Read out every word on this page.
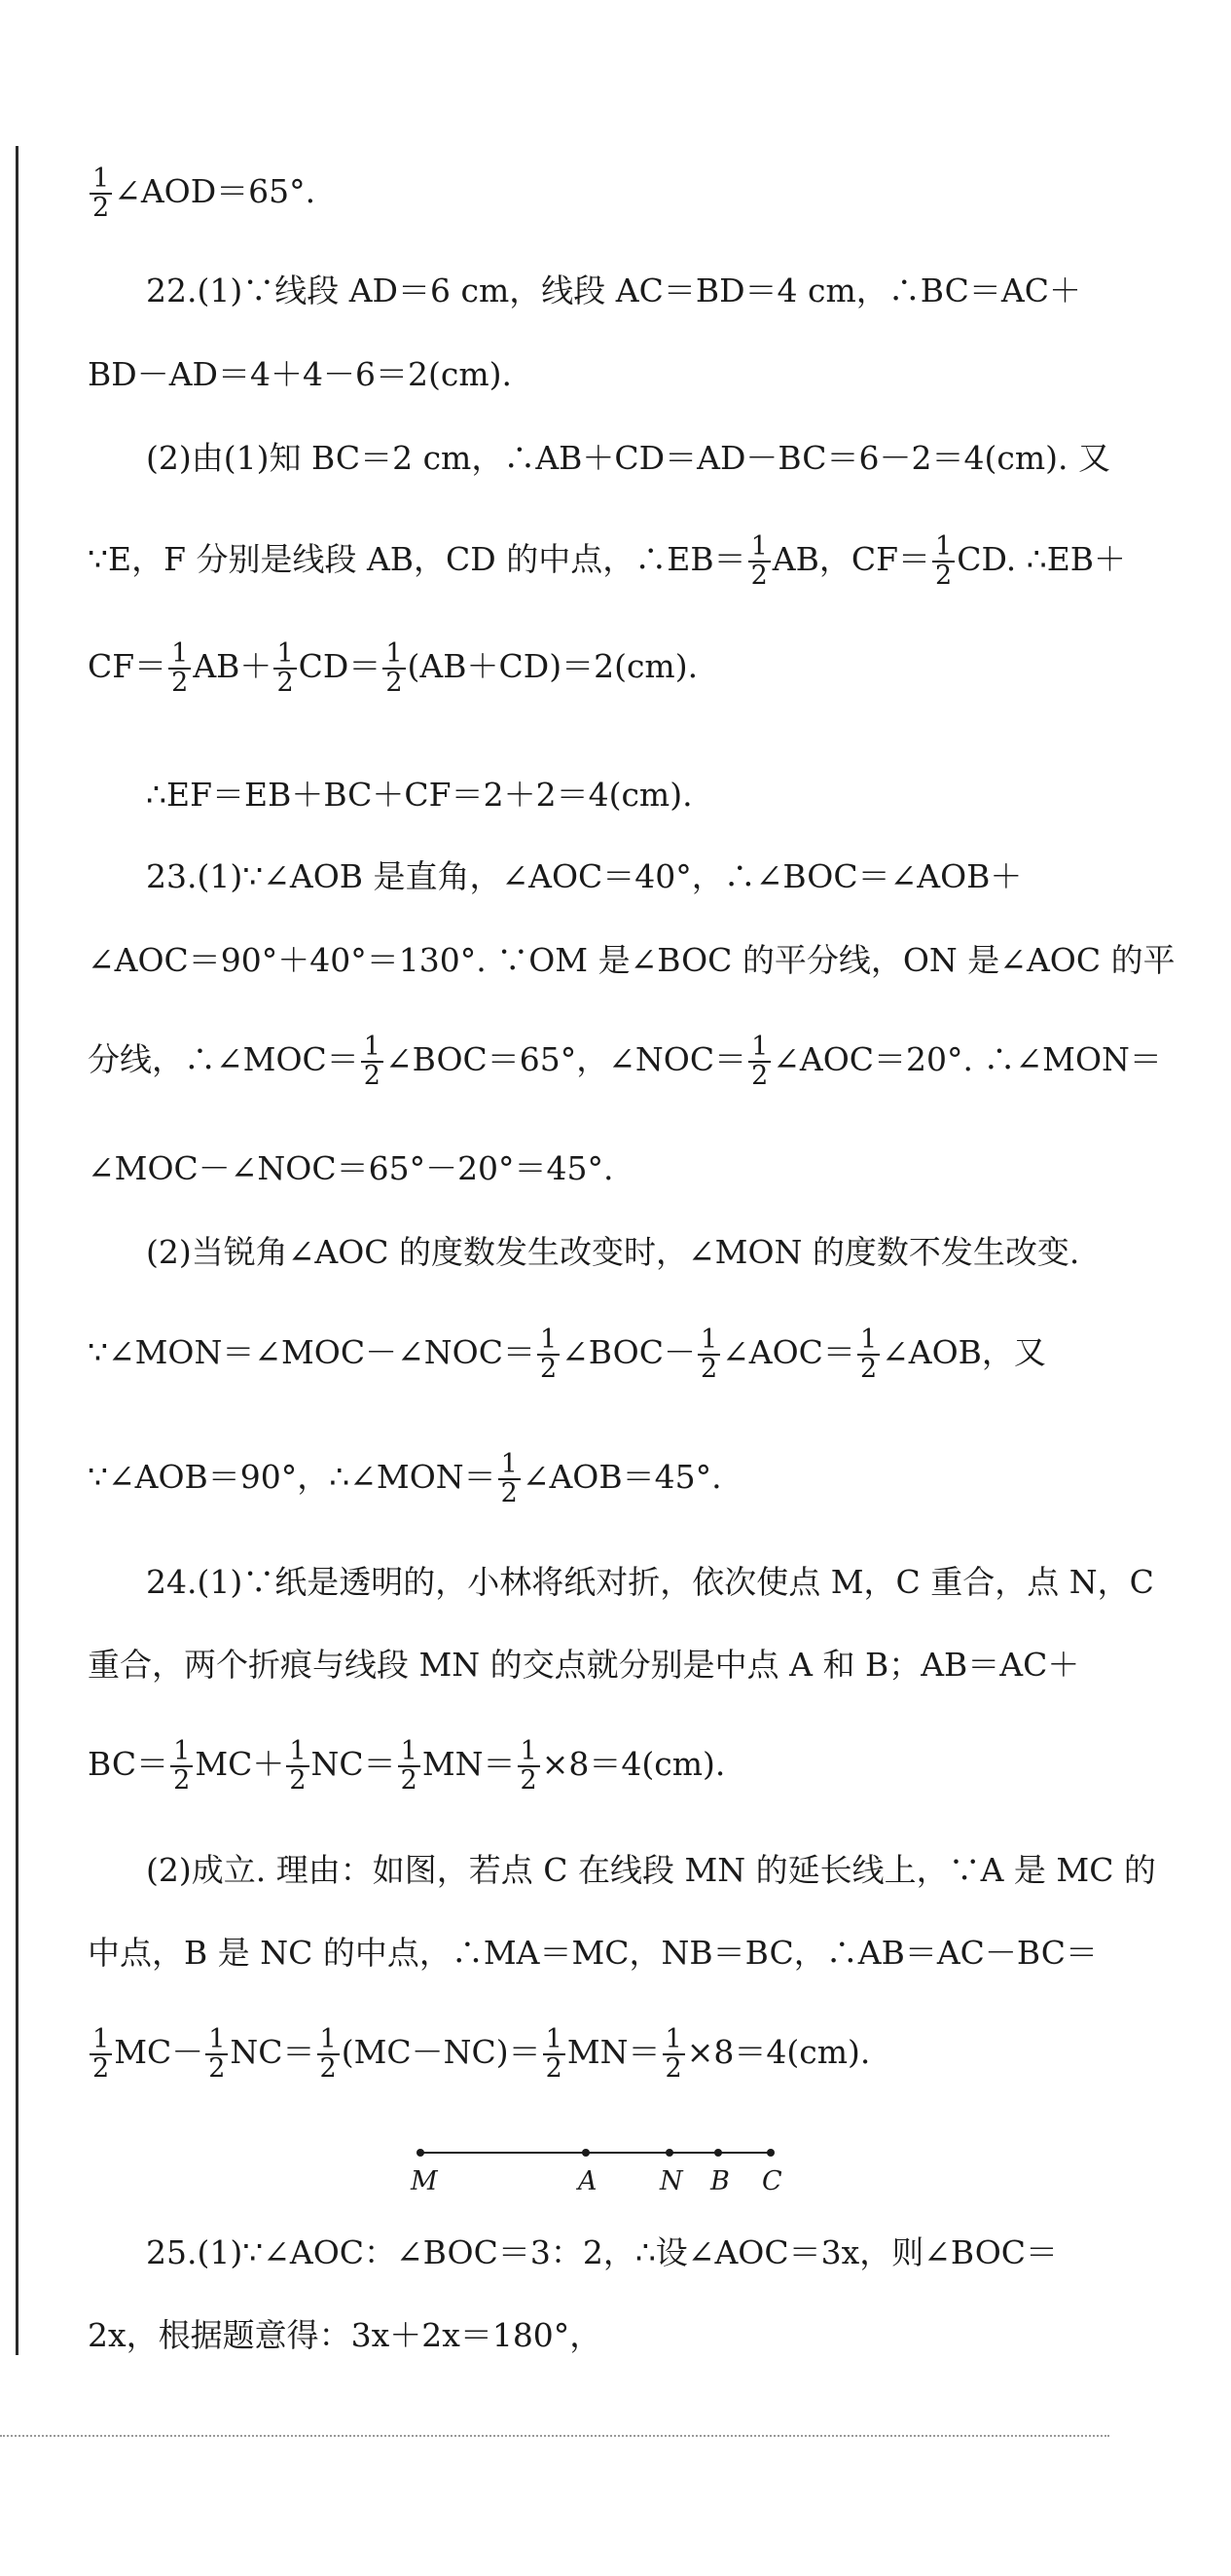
$\frac{1}{2}$ ∠AOD＝65°.
22.(1)∵线段 AD＝6 cm，线段 AC＝BD＝4 cm，∴BC＝AC＋
BD－AD＝4＋4－6＝2(cm).
(2)由(1)知 BC＝2 cm，∴AB＋CD＝AD－BC＝6－2＝4(cm). 又
∵E，F 分别是线段 AB，CD 的中点，∴EB＝ $\frac{1}{2}$ AB，$CF= \frac{1}{2}$ CD. ∴EB＋
$CF= \frac{1}{2} AB+ \frac{1}{2} CD= \frac{1}{2} (AB+CD)=2(cm)$.
∴EF＝EB＋BC＋CF＝2＋2＝4(cm).
23.(1)∵∠AOB 是直角，∠AOC＝40°，∴∠BOC＝∠AOB＋
∠AOC＝90°＋40°＝130°. ∵OM 是∠BOC 的平分线，ON 是∠AOC 的平
分线，∴∠MOC＝ $\frac{1}{2}$ ∠BOC＝65°，∠NOC＝ $\frac{1}{2}$ ∠AOC＝20°. ∴∠MON＝
∠MOC－∠NOC＝65°－20°＝45°.
(2)当锐角∠AOC 的度数发生改变时，∠MON 的度数不发生改变.
∵∠MON＝∠MOC－∠NOC＝ $\frac{1}{2}$ ∠BOC－ $\frac{1}{2}$ ∠AOC＝ $\frac{1}{2}$ ∠AOB，又
∵∠AOB＝90°，∴∠MON＝ $\frac{1}{2}$ ∠AOB＝45°.
24.(1)∵纸是透明的，小林将纸对折，依次使点 M，C 重合，点 N，C
重合，两个折痕与线段 MN 的交点就分别是中点 A 和 B；AB＝AC＋
$BC= \frac{1}{2} MC+ \frac{1}{2} NC= \frac{1}{2} MN= \frac{1}{2} \times 8=4(cm)$.
(2)成立. 理由：如图，若点 C 在线段 MN 的延长线上，∵A 是 MC 的
中点，B 是 NC 的中点，∴MA＝MC，NB＝BC，∴AB＝AC－BC＝
$\frac{1}{2} MC- \frac{1}{2} NC= \frac{1}{2} (MC-NC)= \frac{1}{2} MN= \frac{1}{2} \times 8=4(cm)$.
M	A N B C
25.(1)∵∠AOC：∠BOC＝3：2，∴设∠AOC＝3x，则∠BOC＝
2x，根据题意得：3x＋2x＝180°，
